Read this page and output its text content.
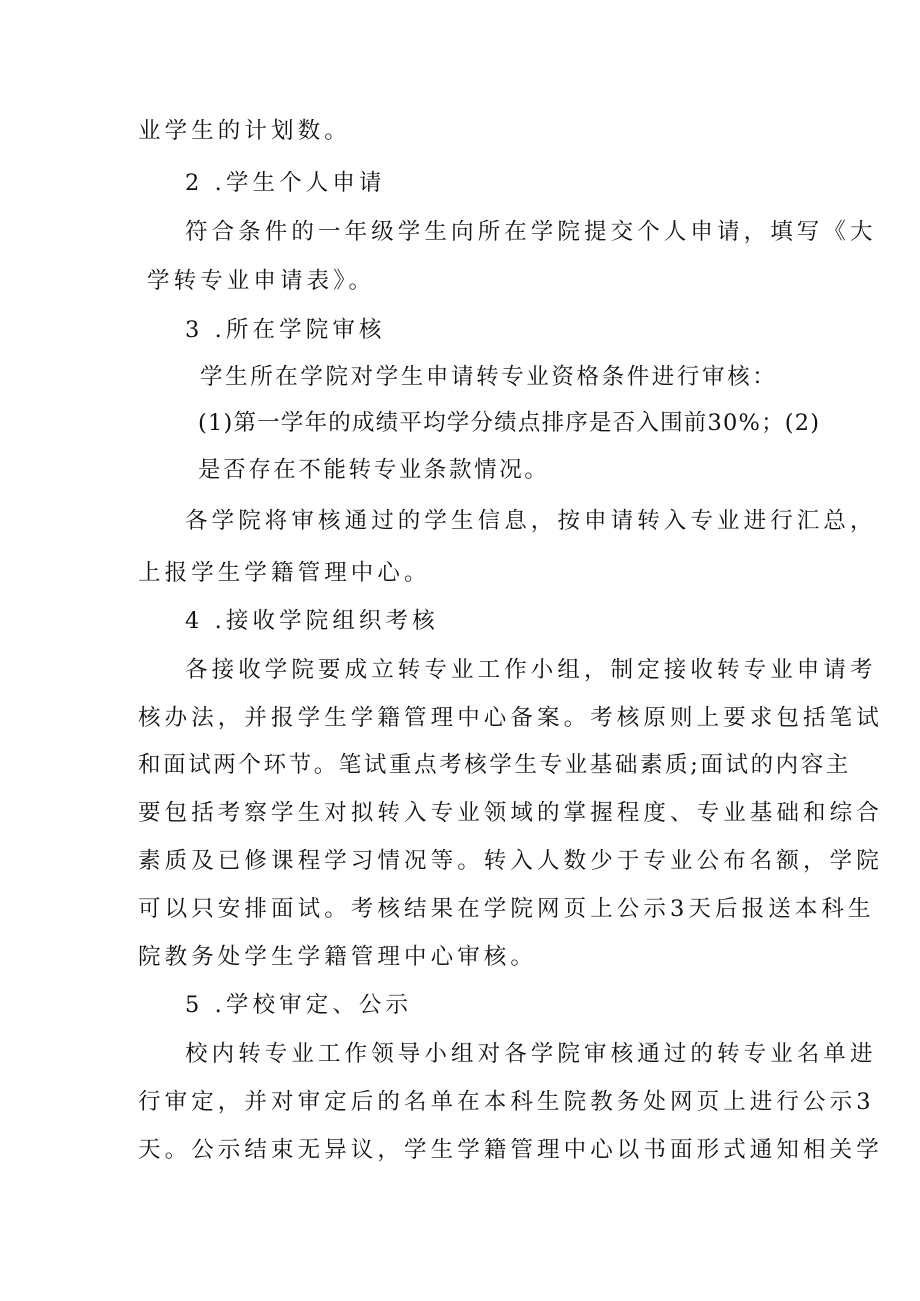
业学生的计划数。
2 .学生个人申请
符合条件的一年级学生向所在学院提交个人申请，填写《大
学转专业申请表》。
3 .所在学院审核
学生所在学院对学生申请转专业资格条件进行审核：
(1)第一学年的成绩平均学分绩点排序是否入围前30%；(2)
是否存在不能转专业条款情况。
各学院将审核通过的学生信息，按申请转入专业进行汇总，
上报学生学籍管理中心。
4 .接收学院组织考核
各接收学院要成立转专业工作小组，制定接收转专业申请考
核办法，并报学生学籍管理中心备案。考核原则上要求包括笔试
和面试两个环节。笔试重点考核学生专业基础素质;面试的内容主
要包括考察学生对拟转入专业领域的掌握程度、专业基础和综合
素质及已修课程学习情况等。转入人数少于专业公布名额，学院
可以只安排面试。考核结果在学院网页上公示3天后报送本科生
院教务处学生学籍管理中心审核。
5 .学校审定、公示
校内转专业工作领导小组对各学院审核通过的转专业名单进
行审定，并对审定后的名单在本科生院教务处网页上进行公示3
天。公示结束无异议，学生学籍管理中心以书面形式通知相关学
